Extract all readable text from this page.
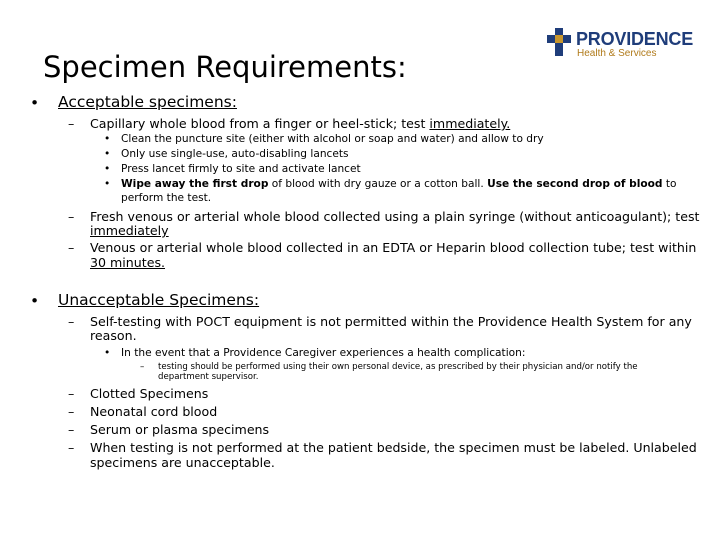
Specimen Requirements:
PROVIDENCE
Health & Services
• Acceptable specimens:
– Capillary whole blood from a finger or heel-stick; test immediately.
• Clean the puncture site (either with alcohol or soap and water) and allow to dry
• Only use single-use, auto-disabling lancets
• Press lancet firmly to site and activate lancet
• Wipe away the first drop of blood with dry gauze or a cotton ball. Use the second drop of blood to
perform the test.
– Fresh venous or arterial whole blood collected using a plain syringe (without anticoagulant); test
immediately
– Venous or arterial whole blood collected in an EDTA or Heparin blood collection tube; test within
30 minutes.
• Unacceptable Specimens:
– Self-testing with POCT equipment is not permitted within the Providence Health System for any
reason.
• In the event that a Providence Caregiver experiences a health complication:
– testing should be performed using their own personal device, as prescribed by their physician and/or notify the
department supervisor.
– Clotted Specimens
– Neonatal cord blood
– Serum or plasma specimens
– When testing is not performed at the patient bedside, the specimen must be labeled. Unlabeled
specimens are unacceptable.
